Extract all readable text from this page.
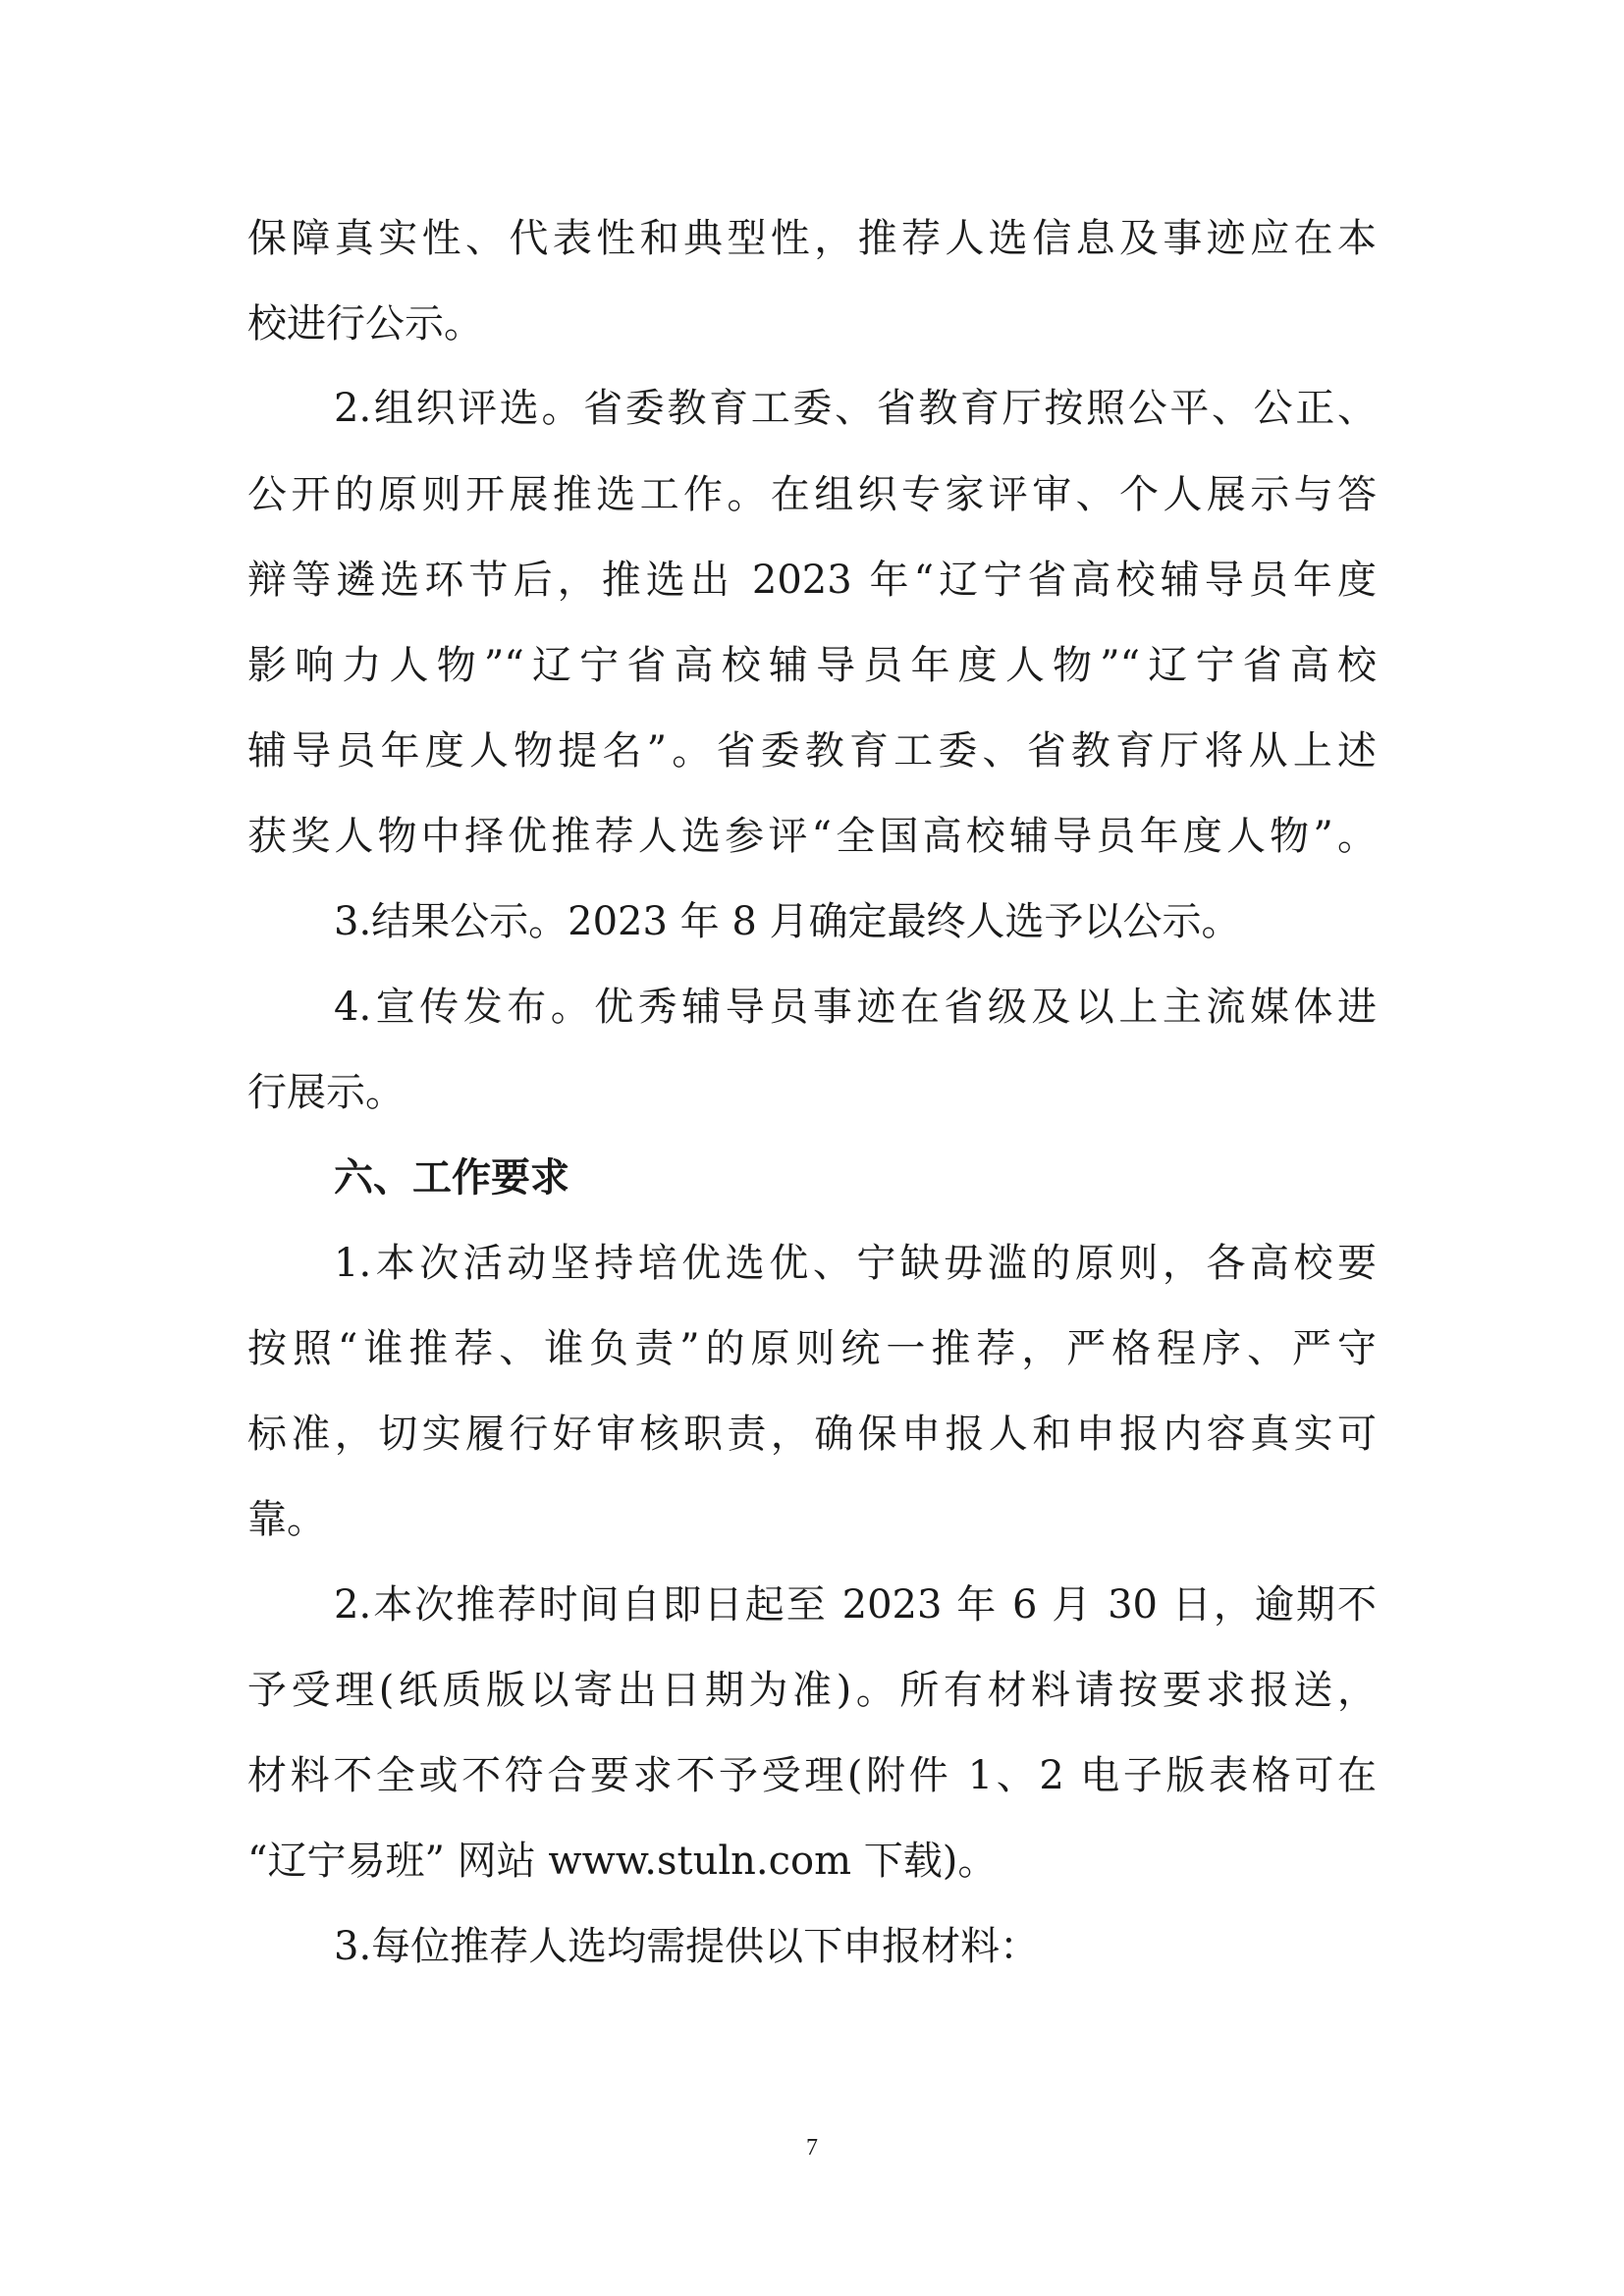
保障真实性、代表性和典型性，推荐人选信息及事迹应在本
校进行公示。
2.组织评选。省委教育工委、省教育厅按照公平、公正、
公开的原则开展推选工作。在组织专家评审、个人展示与答
辩等遴选环节后，推选出 2023 年“辽宁省高校辅导员年度
影响力人物”“辽宁省高校辅导员年度人物”“辽宁省高校
辅导员年度人物提名”。省委教育工委、省教育厅将从上述
获奖人物中择优推荐人选参评“全国高校辅导员年度人物”。
3.结果公示。2023 年 8 月确定最终人选予以公示。
4.宣传发布。优秀辅导员事迹在省级及以上主流媒体进
行展示。
六、工作要求
1.本次活动坚持培优选优、宁缺毋滥的原则，各高校要
按照“谁推荐、谁负责”的原则统一推荐，严格程序、严守
标准，切实履行好审核职责，确保申报人和申报内容真实可
靠。
2.本次推荐时间自即日起至 2023 年 6 月 30 日，逾期不
予受理(纸质版以寄出日期为准)。所有材料请按要求报送，
材料不全或不符合要求不予受理(附件 1、2 电子版表格可在
“辽宁易班” 网站 www.stuln.com 下载)。
3.每位推荐人选均需提供以下申报材料：
7
